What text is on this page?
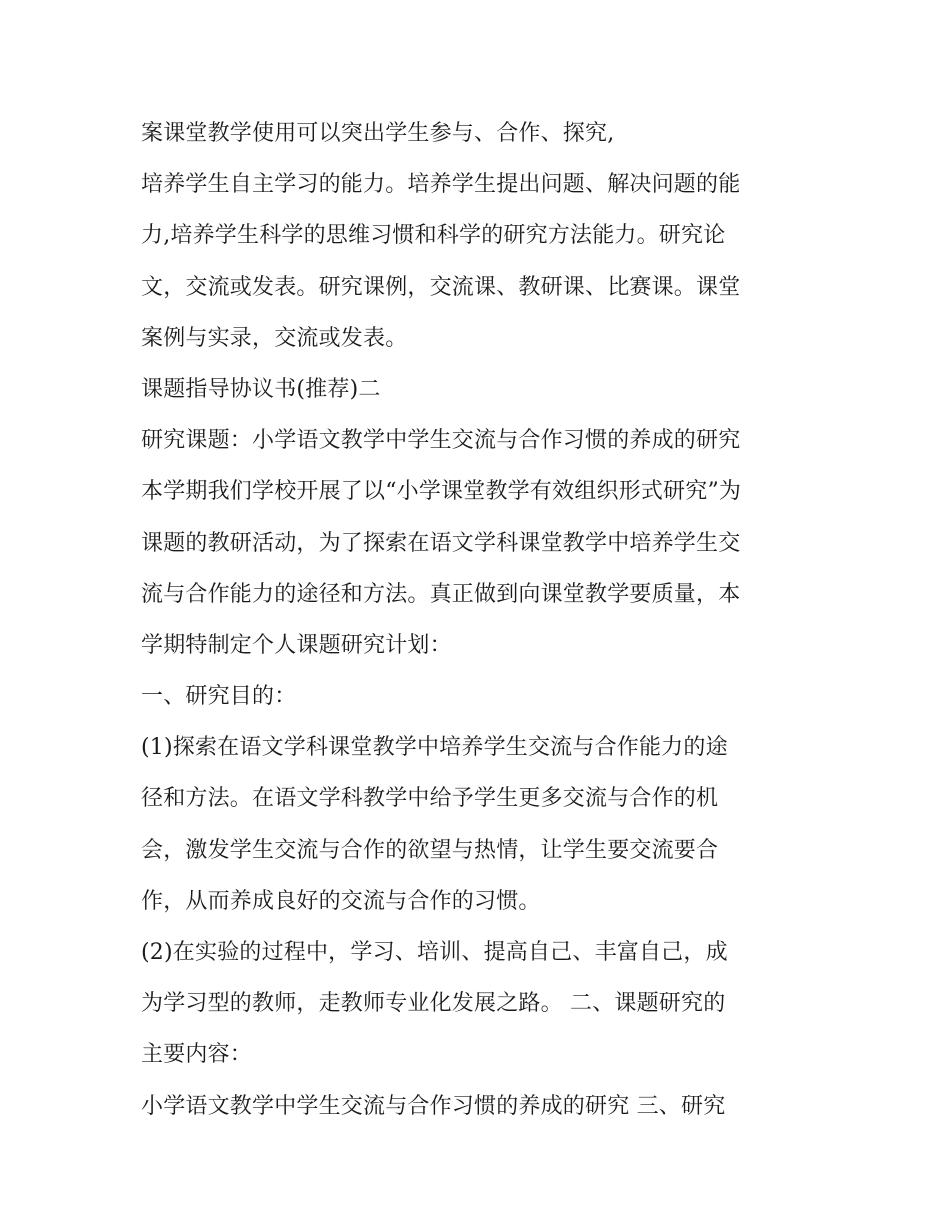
案课堂教学使用可以突出学生参与、合作、探究,
培养学生自主学习的能力。培养学生提出问题、解决问题的能
力,培养学生科学的思维习惯和科学的研究方法能力。研究论
文，交流或发表。研究课例，交流课、教研课、比赛课。课堂
案例与实录，交流或发表。
课题指导协议书(推荐)二
研究课题：小学语文教学中学生交流与合作习惯的养成的研究
本学期我们学校开展了以“小学课堂教学有效组织形式研究”为
课题的教研活动，为了探索在语文学科课堂教学中培养学生交
流与合作能力的途径和方法。真正做到向课堂教学要质量，本
学期特制定个人课题研究计划：
一、研究目的：
(1)探索在语文学科课堂教学中培养学生交流与合作能力的途
径和方法。在语文学科教学中给予学生更多交流与合作的机
会，激发学生交流与合作的欲望与热情，让学生要交流要合
作，从而养成良好的交流与合作的习惯。
(2)在实验的过程中，学习、培训、提高自己、丰富自己，成
为学习型的教师，走教师专业化发展之路。 二、课题研究的
主要内容：
小学语文教学中学生交流与合作习惯的养成的研究 三、研究
